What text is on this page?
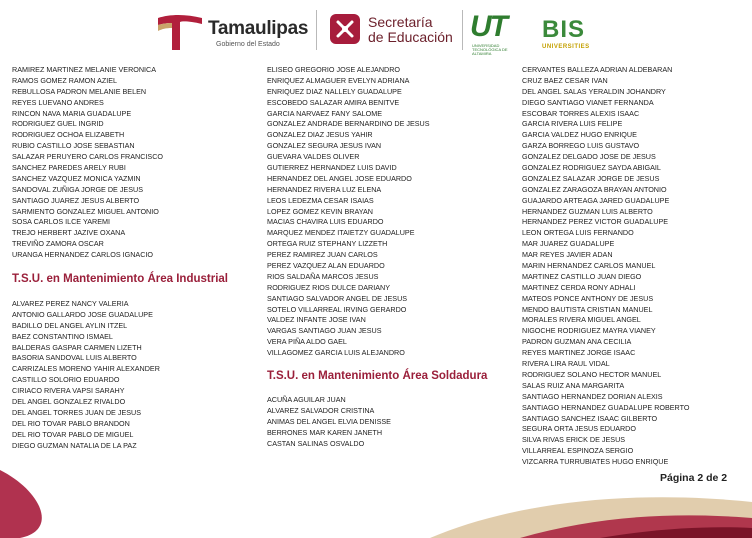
Tamaulipas
Gobierno del Estado
Secretaría
de Educación UT
UNIVERSIDAD TECNOLÓGICA DE ALTAMIRA
BIS
UNIVERSITIES
RAMIREZ MARTINEZ MELANIE VERONICA
RAMOS GOMEZ RAMON AZIEL
REBULLOSA PADRON MELANIE BELEN
REYES LUEVANO ANDRES
RINCON NAVA MARIA GUADALUPE
RODRIGUEZ GUEL INGRID
RODRIGUEZ OCHOA ELIZABETH
RUBIO CASTILLO JOSE SEBASTIAN
SALAZAR PERUYERO CARLOS FRANCISCO
SANCHEZ PAREDES ARELY RUBI
SANCHEZ VAZQUEZ MONICA YAZMIN
SANDOVAL ZUÑIGA JORGE DE JESUS
SANTIAGO JUAREZ JESUS ALBERTO
SARMIENTO GONZALEZ MIGUEL ANTONIO
SOSA CARLOS ILCE YAREMI
TREJO HERBERT JAZIVE OXANA
TREVIÑO ZAMORA OSCAR
URANGA HERNANDEZ CARLOS IGNACIO
T.S.U. en Mantenimiento Área Industrial
ALVAREZ PEREZ NANCY VALERIA
ANTONIO GALLARDO JOSE GUADALUPE
BADILLO DEL ANGEL AYLIN ITZEL
BAEZ CONSTANTINO ISMAEL
BALDERAS GASPAR CARMEN LIZETH
BASORIA SANDOVAL LUIS ALBERTO
CARRIZALES MORENO YAHIR ALEXANDER
CASTILLO SOLORIO EDUARDO
CIRIACO RIVERA VAPSI SARAHY
DEL ANGEL GONZALEZ RIVALDO
DEL ANGEL TORRES JUAN DE JESUS
DEL RIO TOVAR PABLO BRANDON
DEL RIO TOVAR PABLO DE MIGUEL
DIEGO GUZMAN NATALIA DE LA PAZ
ELISEO GREGORIO JOSE ALEJANDRO
ENRIQUEZ ALMAGUER EVELYN ADRIANA
ENRIQUEZ DIAZ NALLELY GUADALUPE
ESCOBEDO SALAZAR AMIRA BENITVE
GARCIA NARVAEZ FANY SALOME
GONZALEZ ANDRADE BERNARDINO DE JESUS
GONZALEZ DIAZ JESUS YAHIR
GONZALEZ SEGURA JESUS IVAN
GUEVARA VALDES OLIVER
GUTIERREZ HERNANDEZ LUIS DAVID
HERNANDEZ DEL ANGEL JOSE EDUARDO
HERNANDEZ RIVERA LUZ ELENA
LEOS LEDEZMA CESAR ISAIAS
LOPEZ GOMEZ KEVIN BRAYAN
MACIAS CHAVIRA LUIS EDUARDO
MARQUEZ MENDEZ ITAIETZY GUADALUPE
ORTEGA RUIZ STEPHANY LIZZETH
PEREZ RAMIREZ JUAN CARLOS
PEREZ VAZQUEZ ALAN EDUARDO
RIOS SALDAÑA MARCOS JESUS
RODRIGUEZ RIOS DULCE DARIANY
SANTIAGO SALVADOR ANGEL DE JESUS
SOTELO VILLARREAL IRVING GERARDO
VALDEZ INFANTE JOSE IVAN
VARGAS SANTIAGO JUAN JESUS
VERA PIÑA ALDO GAEL
VILLAGOMEZ GARCIA LUIS ALEJANDRO
T.S.U. en Mantenimiento Área Soldadura
ACUÑA AGUILAR JUAN
ALVAREZ SALVADOR CRISTINA
ANIMAS DEL ANGEL ELVIA DENISSE
BERRONES MAR KAREN JANETH
CASTAN SALINAS OSVALDO
CERVANTES BALLEZA ADRIAN ALDEBARAN
CRUZ BAEZ CESAR IVAN
DEL ANGEL SALAS YERALDIN JOHANDRY
DIEGO SANTIAGO VIANET FERNANDA
ESCOBAR TORRES ALEXIS ISAAC
GARCIA RIVERA LUIS FELIPE
GARCIA VALDEZ HUGO ENRIQUE
GARZA BORREGO LUIS GUSTAVO
GONZALEZ DELGADO JOSE DE JESUS
GONZALEZ RODRIGUEZ SAYDA ABIGAIL
GONZALEZ SALAZAR JORGE DE JESUS
GONZALEZ ZARAGOZA BRAYAN ANTONIO
GUAJARDO ARTEAGA JARED GUADALUPE
HERNANDEZ GUZMAN LUIS ALBERTO
HERNANDEZ PEREZ VICTOR GUADALUPE
LEON ORTEGA LUIS FERNANDO
MAR JUAREZ GUADALUPE
MAR REYES JAVIER ADAN
MARIN HERNANDEZ CARLOS MANUEL
MARTINEZ CASTILLO JUAN DIEGO
MARTINEZ CERDA RONY ADHALI
MATEOS PONCE ANTHONY DE JESUS
MENDO BAUTISTA CRISTIAN MANUEL
MORALES RIVERA MIGUEL ANGEL
NIGOCHE RODRIGUEZ MAYRA VIANEY
PADRON GUZMAN ANA CECILIA
REYES MARTINEZ JORGE ISAAC
RIVERA LIRA RAUL VIDAL
RODRIGUEZ SOLANO HECTOR MANUEL
SALAS RUIZ ANA MARGARITA
SANTIAGO HERNANDEZ DORIAN ALEXIS
SANTIAGO HERNANDEZ GUADALUPE ROBERTO
SANTIAGO SANCHEZ ISAAC GILBERTO
SEGURA ORTA JESUS EDUARDO
SILVA RIVAS ERICK DE JESUS
VILLARREAL ESPINOZA SERGIO
VIZCARRA TURRUBIATES HUGO ENRIQUE
Página 2 de 2
